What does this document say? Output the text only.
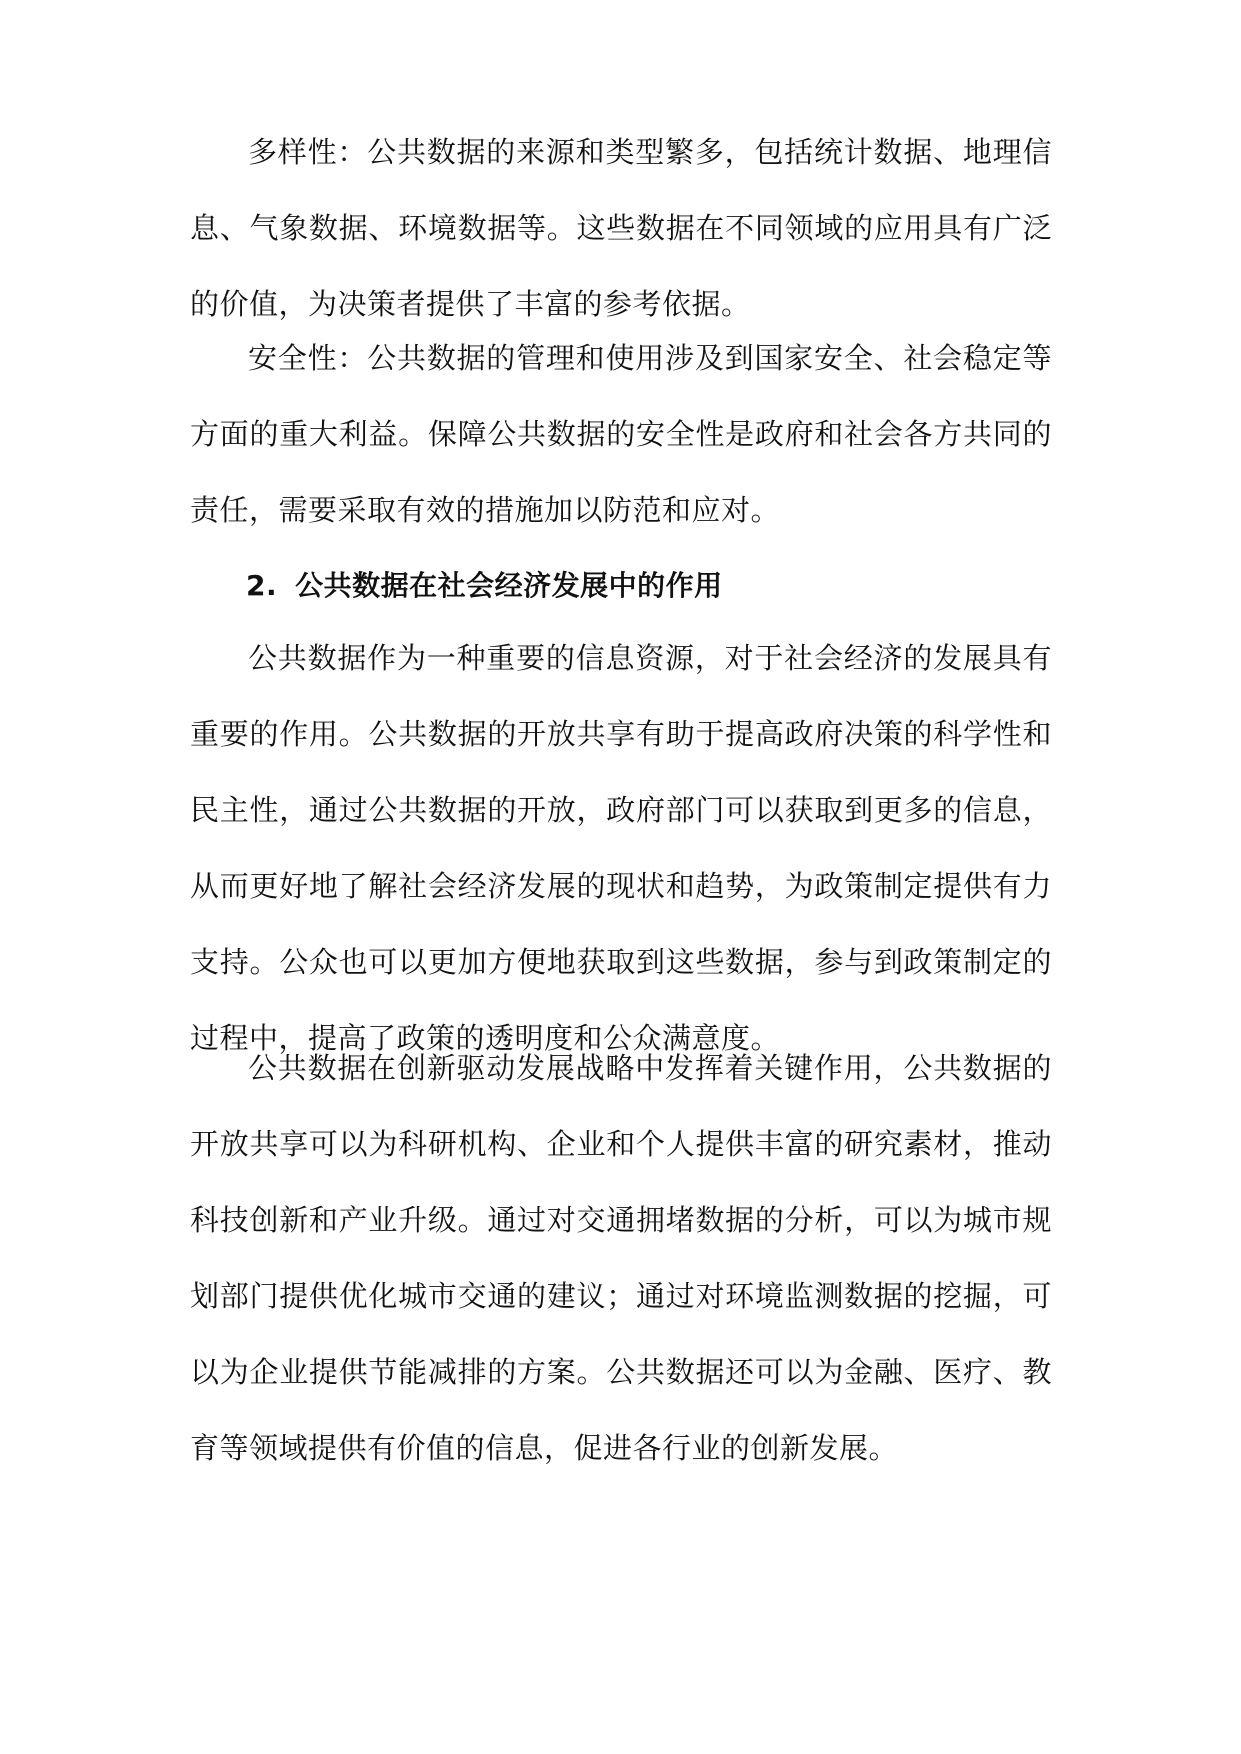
多样性：公共数据的来源和类型繁多，包括统计数据、地理信息、气象数据、环境数据等。这些数据在不同领域的应用具有广泛的价值，为决策者提供了丰富的参考依据。

安全性：公共数据的管理和使用涉及到国家安全、社会稳定等方面的重大利益。保障公共数据的安全性是政府和社会各方共同的责任，需要采取有效的措施加以防范和应对。

2. 公共数据在社会经济发展中的作用

公共数据作为一种重要的信息资源，对于社会经济的发展具有重要的作用。公共数据的开放共享有助于提高政府决策的科学性和民主性，通过公共数据的开放，政府部门可以获取到更多的信息，从而更好地了解社会经济发展的现状和趋势，为政策制定提供有力支持。公众也可以更加方便地获取到这些数据，参与到政策制定的过程中，提高了政策的透明度和公众满意度。

公共数据在创新驱动发展战略中发挥着关键作用，公共数据的开放共享可以为科研机构、企业和个人提供丰富的研究素材，推动科技创新和产业升级。通过对交通拥堵数据的分析，可以为城市规划部门提供优化城市交通的建议；通过对环境监测数据的挖掘，可以为企业提供节能减排的方案。公共数据还可以为金融、医疗、教育等领域提供有价值的信息，促进各行业的创新发展。
